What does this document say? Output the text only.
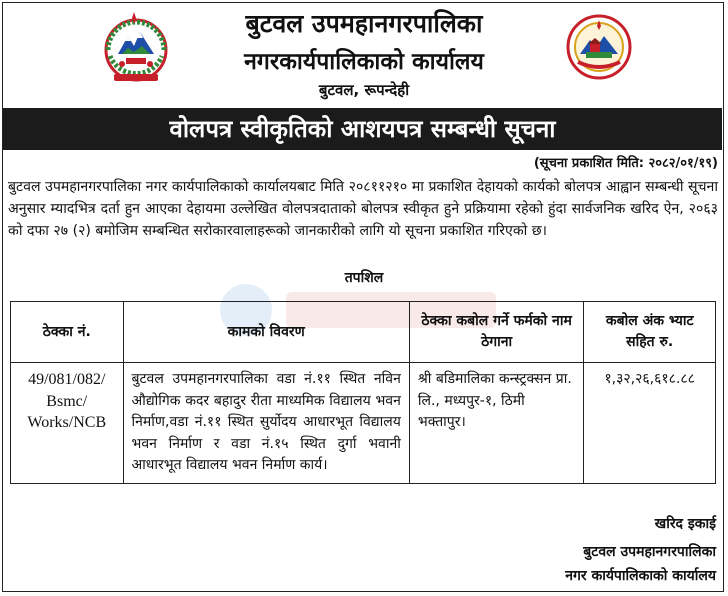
बुटवल उपमहानगरपालिका
नगरकार्यपालिकाको कार्यालय
बुटवल, रूपन्देही
वोलपत्र स्वीकृतिको आशयपत्र सम्बन्धी सूचना
(सूचना प्रकाशित मिति: २०८२/०१/१९)

बुटवल उपमहानगरपालिका नगर कार्यपालिकाको कार्यालयबाट मिति २०८११२१० मा प्रकाशित देहायको कार्यको बोलपत्र आह्वान सम्बन्धी सूचना अनुसार म्यादभित्र दर्ता हुन आएका देहायमा उल्लेखित वोलपत्रदाताको बोलपत्र स्वीकृत हुने प्रक्रियामा रहेको हुंदा सार्वजनिक खरिद ऐन, २०६३ को दफा २७ (२) बमोजिम सम्बन्धित सरोकारवालाहरूको जानकारीको लागि यो सूचना प्रकाशित गरिएको छ।

तपशिल
ठेक्का नं.	कामको विवरण	ठेक्का कबोल गर्ने फर्मको नाम ठेगाना	कबोल अंक भ्याट सहित रु.

49/081/082/ Bsmc/ Works/NCB	बुटवल उपमहानगरपालिका वडा नं.११ स्थित नविन औद्योगिक कदर बहादुर रीता माध्यमिक विद्यालय भवन निर्माण,वडा नं.११ स्थित सुर्योदय आधारभूत विद्यालय भवन निर्माण र वडा नं.१५ स्थित दुर्गा भवानी आधारभूत विद्यालय भवन निर्माण कार्य।	श्री बडिमालिका कन्स्ट्रक्सन प्रा. लि., मध्यपुर-१, ठिमी भक्तापुर।	१,३२,२६,६१८.८८
खरिद इकाई
बुटवल उपमहानगरपालिका
नगर कार्यपालिकाको कार्यालय
